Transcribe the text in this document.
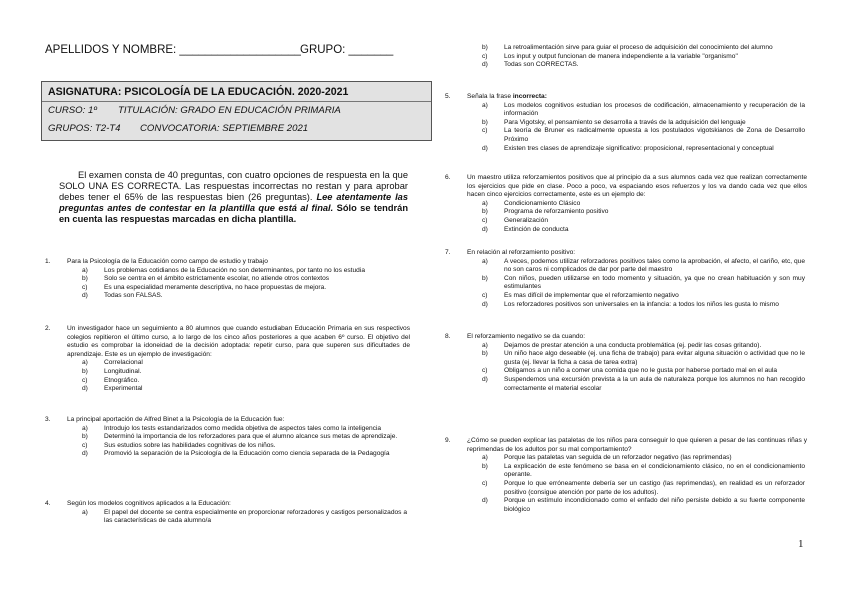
APELLIDOS Y NOMBRE: ___________________ GRUPO: _______
ASIGNATURA: PSICOLOGÍA DE LA EDUCACIÓN. 2020-2021
CURSO: 1º TITULACIÓN: GRADO EN EDUCACIÓN PRIMARIA
GRUPOS: T2-T4 CONVOCATORIA: SEPTIEMBRE 2021
El examen consta de 40 preguntas, con cuatro opciones de respuesta en la que SOLO UNA ES CORRECTA. Las respuestas incorrectas no restan y para aprobar debes tener el 65% de las respuestas bien (26 preguntas). Lee atentamente las preguntas antes de contestar en la plantilla que está al final. Sólo se tendrán en cuenta las respuestas marcadas en dicha plantilla.
1.	Para la Psicología de la Educación como campo de estudio y trabajo
a) Los problemas cotidianos de la Educación no son determinantes, por tanto no los estudia
b) Solo se centra en el ámbito estrictamente escolar, no atiende otros contextos
c)	Es una especialidad meramente descriptiva, no hace propuestas de mejora.
d) Todas son FALSAS.
2.	Un investigador hace un seguimiento a 80 alumnos que cuando estudiaban Educación Primaria en sus respectivos colegios repitieron el último curso, a lo largo de los cinco años posteriores a que acaben 6º curso. El objetivo del estudio es comprobar la idoneidad de la decisión adoptada: repetir curso, para que superen sus dificultades de aprendizaje. Este es un ejemplo de investigación:
a) Correlacional
b) Longitudinal.
c)	Etnográfico.
d) Experimental
3.	La principal aportación de Alfred Binet a la Psicología de la Educación fue:
a) Introdujo los tests estandarizados como medida objetiva de aspectos tales como la inteligencia
b) Determinó la importancia de los reforzadores para que el alumno alcance sus metas de aprendizaje.
c)	Sus estudios sobre las habilidades cognitivas de los niños.
d) Promovió la separación de la Psicología de la Educación como ciencia separada de la Pedagogía
4.	Según los modelos cognitivos aplicados a la Educación:
a) El papel del docente se centra especialmente en proporcionar reforzadores y castigos personalizados a las características de cada alumno/a
b) La retroalimentación sirve para guiar el proceso de adquisición del conocimiento del alumno
c)	Los input y output funcionan de manera independiente a la variable "organismo"
d) Todas son CORRECTAS.
5.	Señala la frase incorrecta:
a) Los modelos cognitivos estudian los procesos de codificación, almacenamiento y recuperación de la información
b) Para Vigotsky, el pensamiento se desarrolla a través de la adquisición del lenguaje
c)	La teoría de Bruner es radicalmente opuesta a los postulados vigotskianos de Zona de Desarrollo Próximo
d) Existen tres clases de aprendizaje significativo: proposicional, representacional y conceptual
6.	Un maestro utiliza reforzamientos positivos que al principio da a sus alumnos cada vez que realizan correctamente los ejercicios que pide en clase. Poco a poco, va espaciando esos refuerzos y los va dando cada vez que ellos hacen cinco ejercicios correctamente, este es un ejemplo de:
a) Condicionamiento Clásico
b) Programa de reforzamiento positivo
c)	Generalización
d) Extinción de conducta
7.	En relación al reforzamiento positivo:
a) A veces, podemos utilizar reforzadores positivos tales como la aprobación, el afecto, el cariño, etc, que no son caros ni complicados de dar por parte del maestro
b) Con niños, pueden utilizarse en todo momento y situación, ya que no crean habituación y son muy estimulantes
c)	Es mas difícil de implementar que el reforzamiento negativo
d) Los reforzadores positivos son universales en la infancia: a todos los niños les gusta lo mismo
8.	El reforzamiento negativo se da cuando:
a) Dejamos de prestar atención a una conducta problemática (ej. pedir las cosas gritando).
b) Un niño hace algo deseable (ej. una ficha de trabajo) para evitar alguna situación o actividad que no le gusta (ej. llevar la ficha a casa de tarea extra)
c)	Obligamos a un niño a comer una comida que no le gusta por haberse portado mal en el aula
d) Suspendemos una excursión prevista a la un aula de naturaleza porque los alumnos no han recogido correctamente el material escolar
9.	¿Cómo se pueden explicar las pataletas de los niños para conseguir lo que quieren a pesar de las continuas riñas y reprimendas de los adultos por su mal comportamiento?
a) Porque las pataletas van seguida de un reforzador negativo (las reprimendas)
b) La explicación de este fenómeno se basa en el condicionamiento clásico, no en el condicionamiento operante.
c)	Porque lo que erróneamente debería ser un castigo (las reprimendas), en realidad es un reforzador positivo (consigue atención por parte de los adultos).
d) Porque un estímulo incondicionado como el enfado del niño persiste debido a su fuerte componente biológico
1
